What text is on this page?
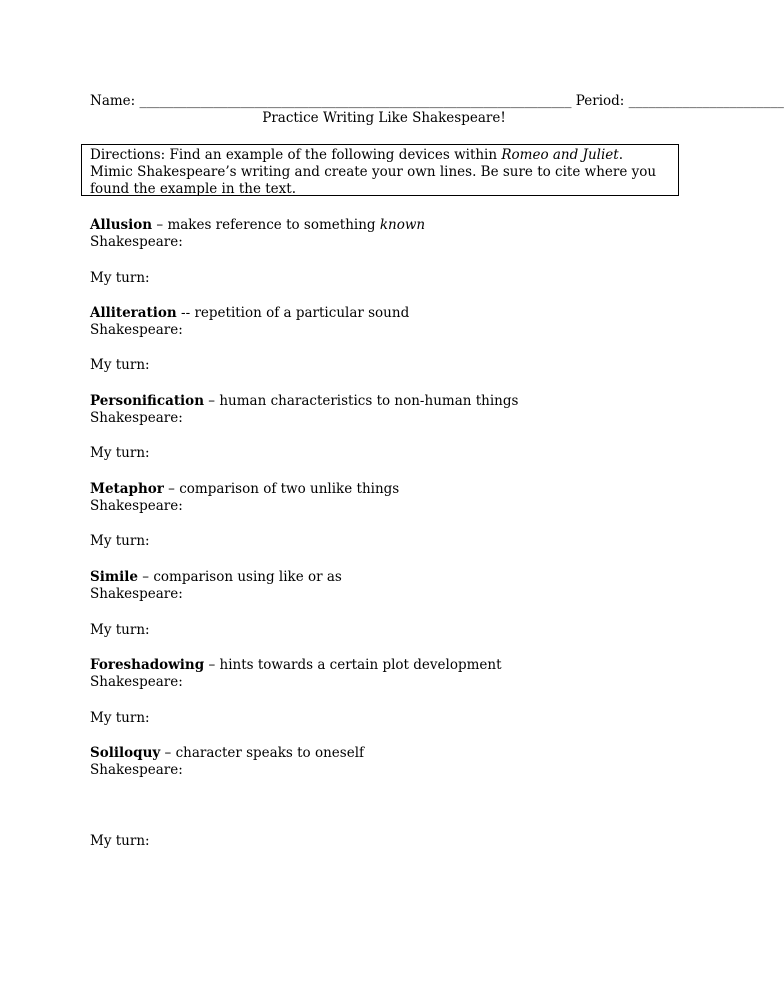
Name: ________________________________________________________________ Period: _______________________
Practice Writing Like Shakespeare!
Directions: Find an example of the following devices within Romeo and Juliet. Mimic Shakespeare’s writing and create your own lines. Be sure to cite where you found the example in the text.
Allusion – makes reference to something known
Shakespeare:
My turn:
Alliteration -- repetition of a particular sound
Shakespeare:
My turn:
Personification – human characteristics to non-human things
Shakespeare:
My turn:
Metaphor – comparison of two unlike things
Shakespeare:
My turn:
Simile – comparison using like or as
Shakespeare:
My turn:
Foreshadowing – hints towards a certain plot development
Shakespeare:
My turn:
Soliloquy – character speaks to oneself
Shakespeare:
My turn:
